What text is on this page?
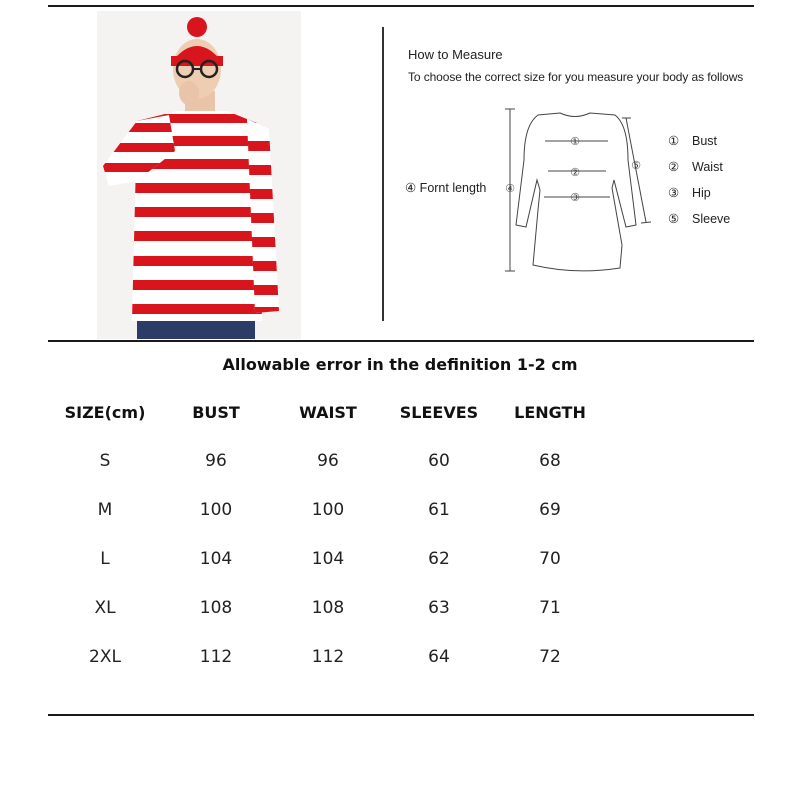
How to Measure
To choose the correct size for you measure your body as follows
④ Fornt length
①
②
③
④
⑤
① Bust
② Waist
③ Hip
⑤ Sleeve
Allowable error in the definition 1-2 cm
SIZE(cm)	BUST	WAIST	SLEEVES	LENGTH
S	96	96	60	68
M	100	100	61	69
L	104	104	62	70
XL	108	108	63	71
2XL	112	112	64	72
